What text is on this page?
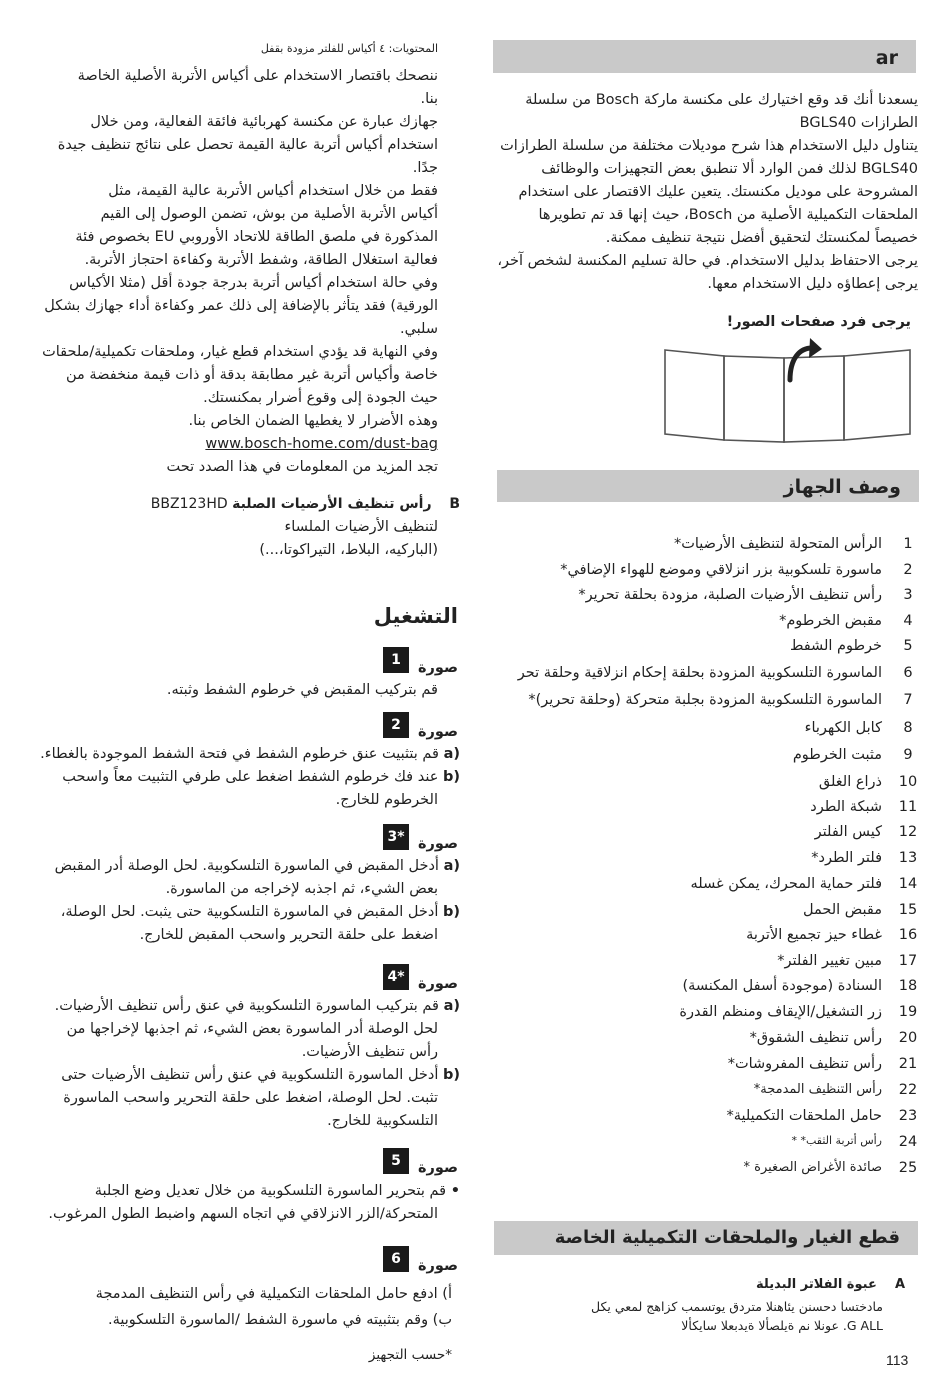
ar
يسعدنا أنك قد وقع اختيارك على مكنسة ماركة Bosch من سلسلة
الطرازات BGLS40
يتناول دليل الاستخدام هذا شرح موديلات مختلفة من سلسلة الطرازات
BGLS40 لذلك فمن الوارد ألا تنطبق بعض التجهيزات والوظائف
المشروحة على موديل مكنستك. يتعين عليك الاقتصار على استخدام
الملحقات التكميلية الأصلية من Bosch، حيث إنها قد تم تطويرها
خصيصاً لمكنستك لتحقيق أفضل نتيجة تنظيف ممكنة.
يرجى الاحتفاظ بدليل الاستخدام. في حالة تسليم المكنسة لشخص آخر،
يرجى إعطاؤه دليل الاستخدام معها.
يرجى فرد صفحات الصور!
وصف الجهاز
1
الرأس المتحولة لتنظيف الأرضيات*
2
ماسورة تلسكوبية بزر انزلاقي وموضع للهواء الإضافي*
3
رأس تنظيف الأرضيات الصلبة، مزودة بحلقة تحرير*
4
مقبض الخرطوم*
5
خرطوم الشفط
6
الماسورة التلسكوبية المزودة بحلقة إحكام انزلاقية وحلقة تحر
7
الماسورة التلسكوبية المزودة بجلبة متحركة (وحلقة تحرير)*
8
كابل الكهرباء
9
مثبت الخرطوم
10
ذراع الغلق
11
شبكة الطرد
12
كيس الفلتر
13
فلتر الطرد*
14
فلتر حماية المحرك، يمكن غسله
15
مقبض الحمل
16
غطاء حيز تجميع الأتربة
17
مبين تغيير الفلتر*
18
السنادة (موجودة أسفل المكنسة)
19
زر التشغيل/الإيقاف ومنظم القدرة
20
رأس تنظيف الشقوق*
21
رأس تنظيف المفروشات*
22
رأس التنظيف المدمجة*
23
حامل الملحقات التكميلية*
24
رأس أتربة الثقب* *
25
صائدة الأغراض الصغيرة *
قطع الغيار والملحقات التكميلية الخاصة
A    عبوة الفلاتر البديلة
مادختسا دحسنن يئاهنلا متردق يوتسمب كزاهج لمعي يكل
G ALL. عونلا نم ةيلصألا ةيدبعلا سايكألا
113
المحتويات: ٤ أكياس للفلتر مزودة بقفل
ننصحك باقتصار الاستخدام على أكياس الأتربة الأصلية الخاصة
بنا.
جهازك عبارة عن مكنسة كهربائية فائقة الفعالية، ومن خلال
استخدام أكياس أتربة عالية القيمة تحصل على نتائج تنظيف جيدة
جدًا.
فقط من خلال استخدام أكياس الأتربة عالية القيمة، مثل
أكياس الأتربة الأصلية من بوش، تضمن الوصول إلى القيم
المذكورة في ملصق الطاقة للاتحاد الأوروبي EU بخصوص فئة
فعالية استغلال الطاقة، وشفط الأتربة وكفاءة احتجاز الأتربة.
وفي حالة استخدام أكياس أتربة بدرجة جودة أقل (مثلا الأكياس
الورقية) فقد يتأثر بالإضافة إلى ذلك عمر وكفاءة أداء جهازك بشكل
سلبي.
وفي النهاية قد يؤدي استخدام قطع غيار، وملحقات تكميلية/ملحقات
خاصة وأكياس أتربة غير مطابقة بدقة أو ذات قيمة منخفضة من
حيث الجودة إلى وقوع أضرار بمكنستك.
وهذه الأضرار لا يغطيها الضمان الخاص بنا.
www.bosch-home.com/dust-bag
تجد المزيد من المعلومات في هذا الصدد تحت
B    رأس تنظيف الأرضيات الصلبة BBZ123HD
لتنظيف الأرضيات الملساء
(الباركيه، البلاط، التيراكوتا،...)
التشغيل
1	صورة
قم بتركيب المقبض في خرطوم الشفط وثبته.
2	صورة
a) قم بتثبيت عنق خرطوم الشفط في فتحة الشفط الموجودة بالغطاء.
b) عند فك خرطوم الشفط اضغط على طرفي التثبيت معاً واسحب
الخرطوم للخارج.
3* صورة
a) أدخل المقبض في الماسورة التلسكوبية. لحل الوصلة أدر المقبض
بعض الشيء، ثم اجذبه لإخراجه من الماسورة.
b) أدخل المقبض في الماسورة التلسكوبية حتى يثبت. لحل الوصلة،
اضغط على حلقة التحرير واسحب المقبض للخارج.
4* صورة
a) قم بتركيب الماسورة التلسكوبية في عنق رأس تنظيف الأرضيات.
لحل الوصلة أدر الماسورة بعض الشيء، ثم اجذبها لإخراجها من
رأس تنظيف الأرضيات.
b) أدخل الماسورة التلسكوبية في عنق رأس تنظيف الأرضيات حتى
تثبت. لحل الوصلة، اضغط على حلقة التحرير واسحب الماسورة
التلسكوبية للخارج.
5	صورة
• قم بتحرير الماسورة التلسكوبية من خلال تعديل وضع الجلبة
المتحركة/الزر الانزلاقي في اتجاه السهم واضبط الطول المرغوب.
6	صورة
أ) ادفع حامل الملحقات التكميلية في رأس التنظيف المدمجة
ب) وقم بتثبيته في ماسورة الشفط /الماسورة التلسكوبية.
*حسب التجهيز
